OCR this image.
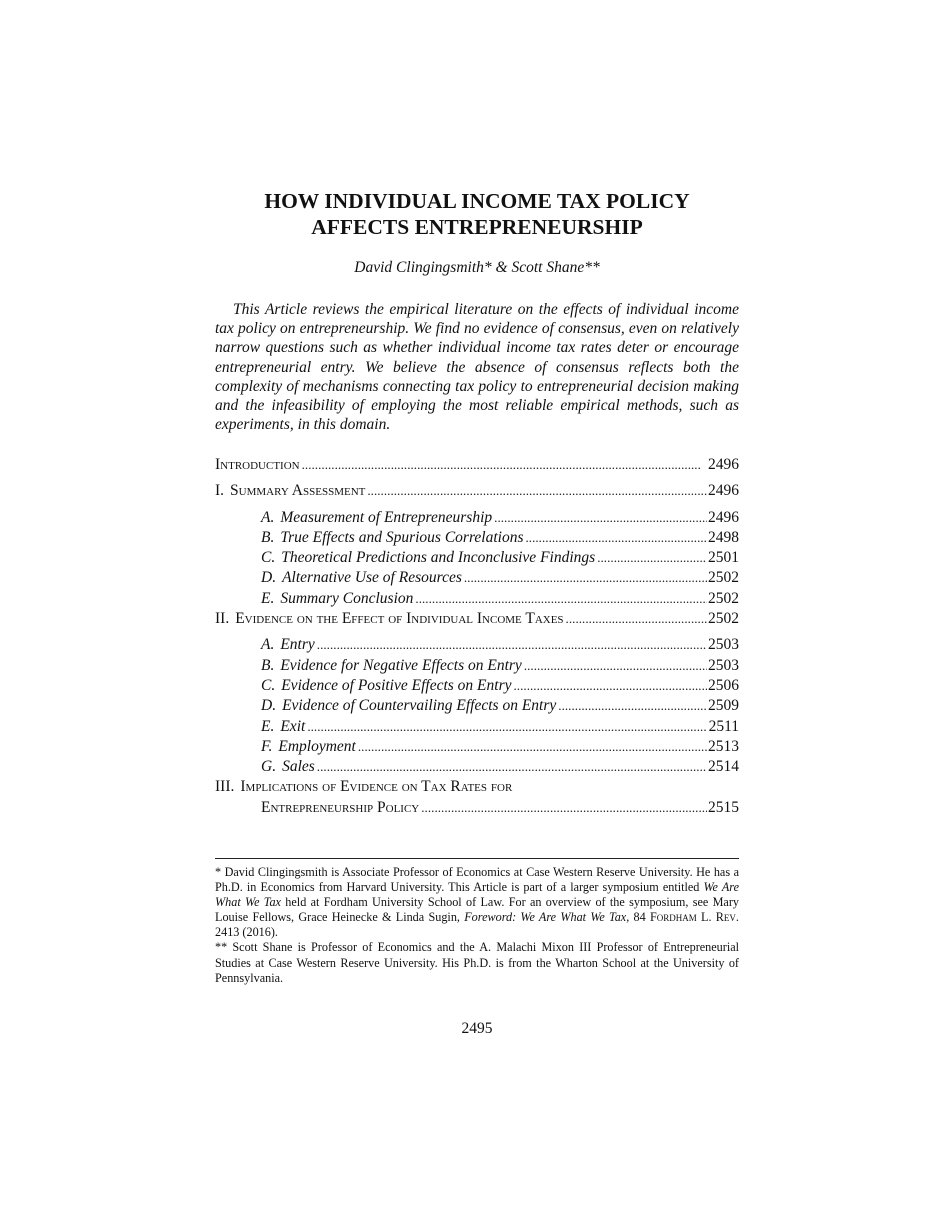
HOW INDIVIDUAL INCOME TAX POLICY
AFFECTS ENTREPRENEURSHIP
David Clingingsmith* & Scott Shane**

This Article reviews the empirical literature on the effects of individual income tax policy on entrepreneurship. We find no evidence of consensus, even on relatively narrow questions such as whether individual income tax rates deter or encourage entrepreneurial entry. We believe the absence of consensus reflects both the complexity of mechanisms connecting tax policy to entrepreneurial decision making and the infeasibility of employing the most reliable empirical methods, such as experiments, in this domain.

Introduction . . .	2496
I. Summary Assessment . . .	2496
A. Measurement of Entrepreneurship . . .	2496
B. True Effects and Spurious Correlations . . .	2498
C. Theoretical Predictions and Inconclusive Findings . . .	2501
D. Alternative Use of Resources . . .	2502
E. Summary Conclusion . . .	2502
II. Evidence on the Effect of Individual Income Taxes . . .	2502
A. Entry . . .	2503
B. Evidence for Negative Effects on Entry . . .	2503
C. Evidence of Positive Effects on Entry . . .	2506
D. Evidence of Countervailing Effects on Entry . . .	2509
E. Exit . . .	2511
F. Employment . . .	2513
G. Sales . . .	2514
III. Implications of Evidence on Tax Rates for
Entrepreneurship Policy . . .	2515

* David Clingingsmith is Associate Professor of Economics at Case Western Reserve University. He has a Ph.D. in Economics from Harvard University. This Article is part of a larger symposium entitled We Are What We Tax held at Fordham University School of Law. For an overview of the symposium, see Mary Louise Fellows, Grace Heinecke & Linda Sugin, Foreword: We Are What We Tax, 84 Fordham L. Rev. 2413 (2016).

** Scott Shane is Professor of Economics and the A. Malachi Mixon III Professor of Entrepreneurial Studies at Case Western Reserve University. His Ph.D. is from the Wharton School at the University of Pennsylvania.

2495
